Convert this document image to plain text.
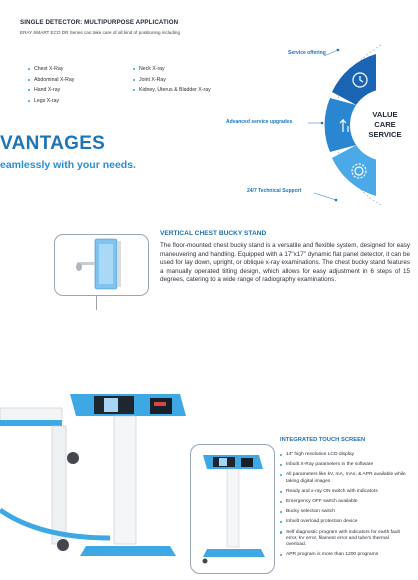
SINGLE DETECTOR: MULTIPURPOSE APPLICATION
ERAY SMART ECO DR Series can take care of all kind of positioning including
Chest X-Ray
Abdominal X-Ray
Hand X-ray
Legs X-ray
Neck X-ray
Joint X-Ray
Kidney, Uterus & Bladder X-ray
VANTAGES
eamlessly with your needs.
Service offering
Advanced service upgrades
24/7 Technical Support
VALUE
CARE
SERVICE
VERTICAL CHEST BUCKY STAND
The floor-mounted chest bucky stand is a versatile and flexible system, designed for easy maneuvering and handling. Equipped with a 17"x17" dynamic flat panel detector, it can be used for lay down, upright, or oblique x-ray examinations. The chest bucky stand features a manually operated tilting design, which allows for easy adjustment in 6 steps of 15 degrees, catering to a wide range of radiography examinations.
INTEGRATED TOUCH SCREEN
14" high resolution LCD display
Inbuilt X-Ray parameters in the software
All parameters like kV, mA, mAs, & APR available while taking digital images
Ready and x-ray ON switch with indicators
Emergency OFF switch available
Bucky selection switch
Inbuilt overload protection device
Self diagnostic program with indicators for earth fault error, kV error, filament error and tube's thermal overload.
APR program is more than 1200 programs
